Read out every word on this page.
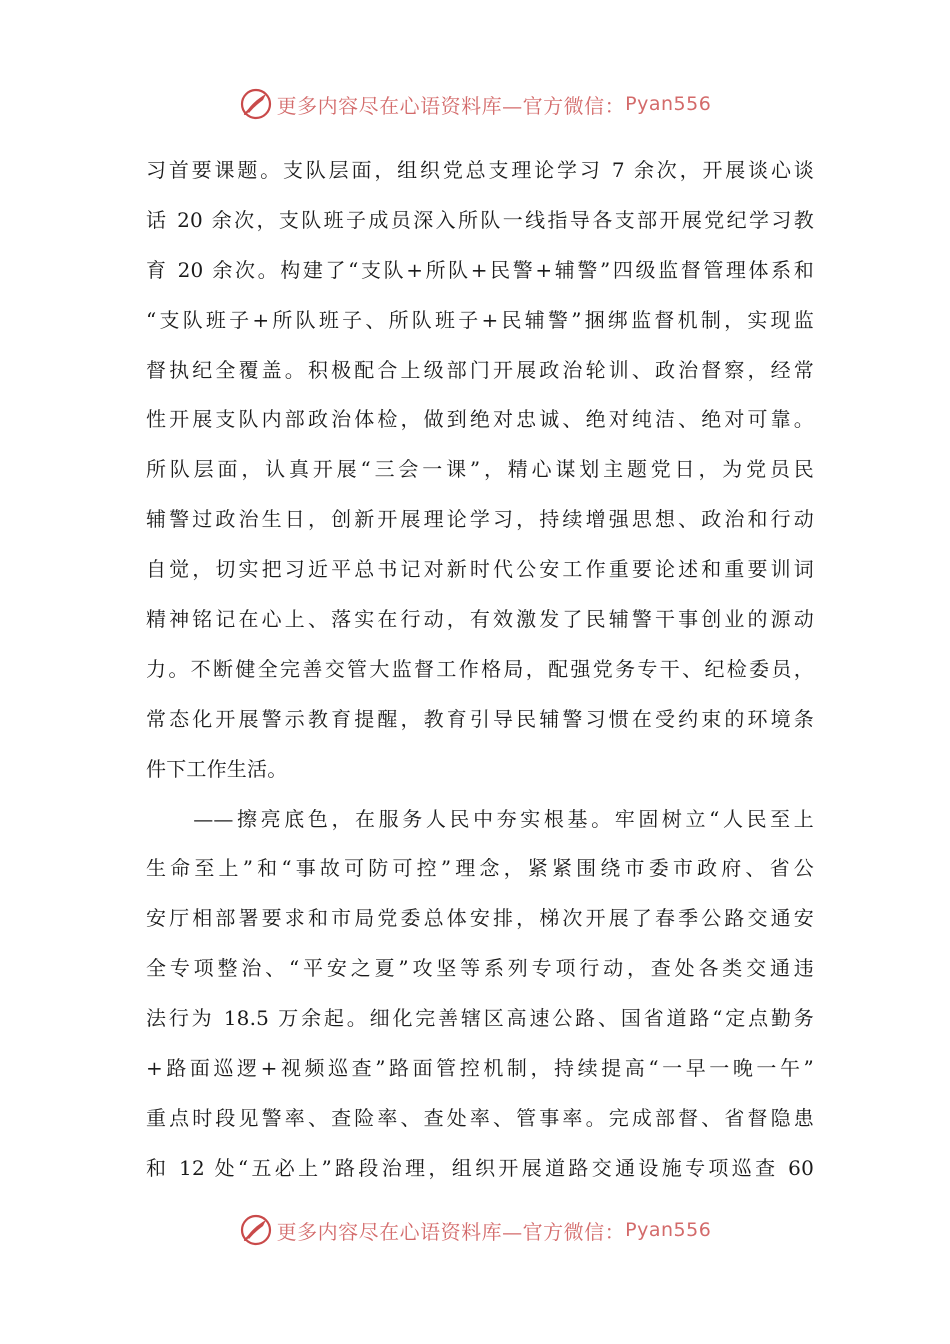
更多内容尽在心语资料库—官方微信： Pyan556
习首要课题。支队层面，组织党总支理论学习 7 余次，开展谈心谈
话 20 余次，支队班子成员深入所队一线指导各支部开展党纪学习教
育 20 余次。构建了“支队+所队+民警+辅警”四级监督管理体系和
“支队班子+所队班子、所队班子+民辅警”捆绑监督机制，实现监
督执纪全覆盖。积极配合上级部门开展政治轮训、政治督察，经常
性开展支队内部政治体检，做到绝对忠诚、绝对纯洁、绝对可靠。
所队层面，认真开展“三会一课”，精心谋划主题党日，为党员民
辅警过政治生日，创新开展理论学习，持续增强思想、政治和行动
自觉，切实把习近平总书记对新时代公安工作重要论述和重要训词
精神铭记在心上、落实在行动，有效激发了民辅警干事创业的源动
力。不断健全完善交管大监督工作格局，配强党务专干、纪检委员，
常态化开展警示教育提醒，教育引导民辅警习惯在受约束的环境条
件下工作生活。
　　——擦亮底色，在服务人民中夯实根基。牢固树立“人民至上
生命至上”和“事故可防可控”理念，紧紧围绕市委市政府、省公
安厅相部署要求和市局党委总体安排，梯次开展了春季公路交通安
全专项整治、“平安之夏”攻坚等系列专项行动，查处各类交通违
法行为 18.5 万余起。细化完善辖区高速公路、国省道路“定点勤务
+路面巡逻+视频巡查”路面管控机制，持续提高“一早一晚一午”
重点时段见警率、查险率、查处率、管事率。完成部督、省督隐患
和 12 处“五必上”路段治理，组织开展道路交通设施专项巡查 60
更多内容尽在心语资料库—官方微信： Pyan556
